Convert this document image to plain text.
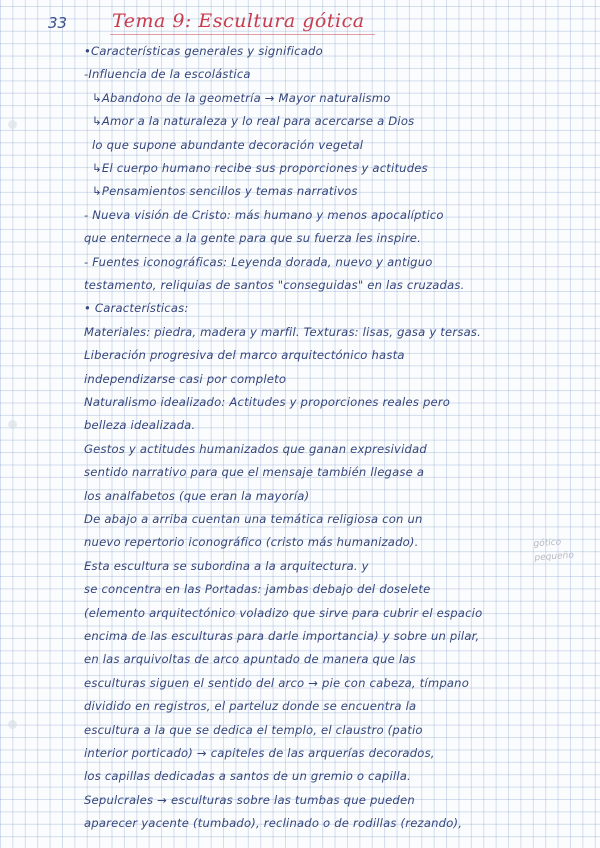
33 Tema 9: Escultura gótica
•Características generales y significado
-Influencia de la escolástica
↳Abandono de la geometría → Mayor naturalismo
↳Amor a la naturaleza y lo real para acercarse a Dios
lo que supone abundante decoración vegetal
↳El cuerpo humano recibe sus proporciones y actitudes
↳Pensamientos sencillos y temas narrativos
- Nueva visión de Cristo: más humano y menos apocalíptico
que enternece a la gente para que su fuerza les inspire.
- Fuentes iconográficas: Leyenda dorada, nuevo y antiguo
testamento, reliquias de santos "conseguidas" en las cruzadas.
• Características:
Materiales: piedra, madera y marfil. Texturas: lisas, gasa y tersas.
Liberación progresiva del marco arquitectónico hasta
independizarse casi por completo
Naturalismo idealizado: Actitudes y proporciones reales pero
belleza idealizada.
Gestos y actitudes humanizados que ganan expresividad
sentido narrativo para que el mensaje también llegase a
los analfabetos (que eran la mayoría)
De abajo a arriba cuentan una temática religiosa con un
nuevo repertorio iconográfico (cristo más humanizado).
Esta escultura se subordina a la arquitectura. y
se concentra en las Portadas: jambas debajo del doselete
(elemento arquitectónico voladizo que sirve para cubrir el espacio
encima de las esculturas para darle importancia) y sobre un pilar,
en las arquivoltas de arco apuntado de manera que las
esculturas siguen el sentido del arco → pie con cabeza, tímpano
dividido en registros, el parteluz donde se encuentra la
escultura a la que se dedica el templo, el claustro (patio
interior porticado) → capiteles de las arquerías decorados,
los capillas dedicadas a santos de un gremio o capilla.
Sepulcrales → esculturas sobre las tumbas que pueden
aparecer yacente (tumbado), reclinado o de rodillas (rezando),
gótico
pequeño
